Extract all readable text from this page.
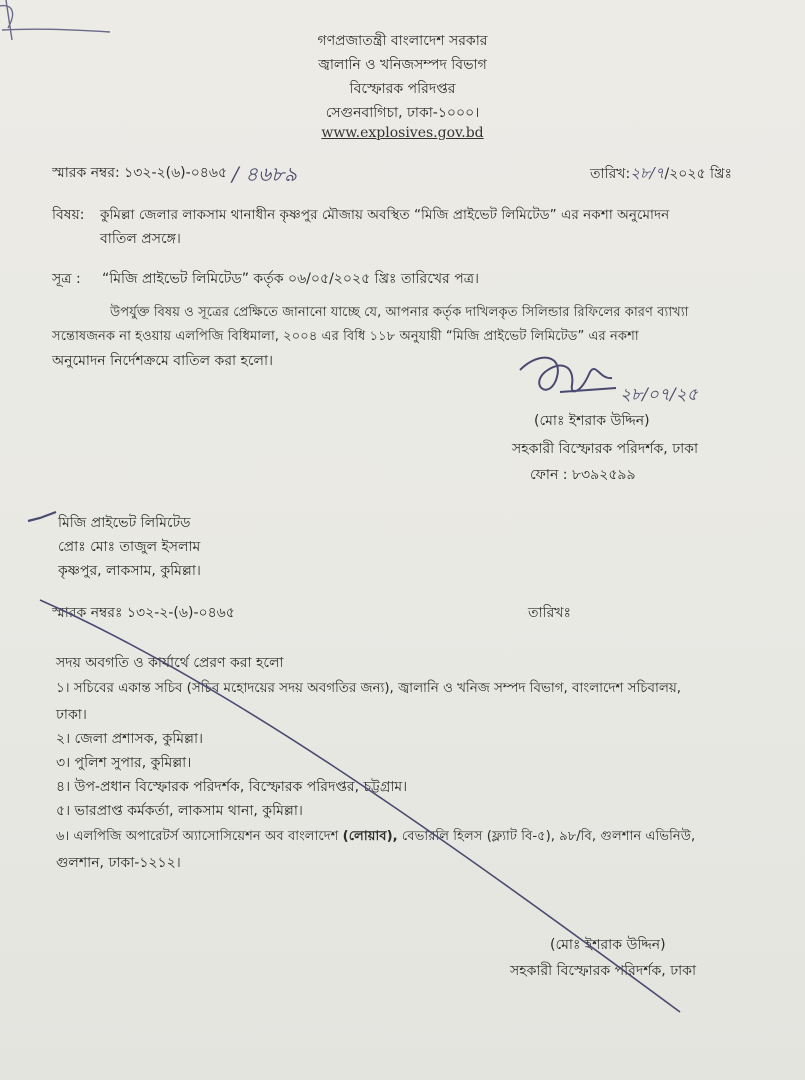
গণপ্রজাতন্ত্রী বাংলাদেশ সরকার
জ্বালানি ও খনিজসম্পদ বিভাগ
বিস্ফোরক পরিদপ্তর
সেগুনবাগিচা, ঢাকা-১০০০।
www.explosives.gov.bd
স্মারক নম্বর: ১৩২-২(৬)-০৪৬৫ / ৪৬৮৯	তারিখ:২৮/৭/২০২৫ খ্রিঃ
বিষয়: কুমিল্লা জেলার লাকসাম থানাধীন কৃষ্ণপুর মৌজায় অবস্থিত “মিজি প্রাইভেট লিমিটেড” এর নকশা অনুমোদন
বাতিল প্রসঙ্গে।
সূত্র : “মিজি প্রাইভেট লিমিটেড” কর্তৃক ০৬/০৫/২০২৫ খ্রিঃ তারিখের পত্র।
উপর্যুক্ত বিষয় ও সূত্রের প্রেক্ষিতে জানানো যাচ্ছে যে, আপনার কর্তৃক দাখিলকৃত সিলিন্ডার রিফিলের কারণ ব্যাখ্যা
সন্তোষজনক না হওয়ায় এলপিজি বিধিমালা, ২০০৪ এর বিধি ১১৮ অনুযায়ী “মিজি প্রাইভেট লিমিটেড” এর নকশা
অনুমোদন নির্দেশক্রমে বাতিল করা হলো।
২৮/০৭/২৫
(মোঃ ইশরাক উদ্দিন)
সহকারী বিস্ফোরক পরিদর্শক, ঢাকা
ফোন : ৮৩৯২৫৯৯
মিজি প্রাইভেট লিমিটেড
প্রোঃ মোঃ তাজুল ইসলাম
কৃষ্ণপুর, লাকসাম, কুমিল্লা।
স্মারক নম্বরঃ ১৩২-২-(৬)-০৪৬৫	তারিখঃ
সদয় অবগতি ও কার্যার্থে প্রেরণ করা হলো
১। সচিবের একান্ত সচিব (সচিব মহোদয়ের সদয় অবগতির জন্য), জ্বালানি ও খনিজ সম্পদ বিভাগ, বাংলাদেশ সচিবালয়,
ঢাকা।
২। জেলা প্রশাসক, কুমিল্লা।
৩। পুলিশ সুপার, কুমিল্লা।
৪। উপ-প্রধান বিস্ফোরক পরিদর্শক, বিস্ফোরক পরিদপ্তর, চট্টগ্রাম।
৫। ভারপ্রাপ্ত কর্মকর্তা, লাকসাম থানা, কুমিল্লা।
৬। এলপিজি অপারেটর্স অ্যাসোসিয়েশন অব বাংলাদেশ (লোয়াব), বেভারলি হিলস (ফ্ল্যাট বি-৫), ৯৮/বি, গুলশান এভিনিউ,
গুলশান, ঢাকা-১২১২।
(মোঃ ইশরাক উদ্দিন)
সহকারী বিস্ফোরক পরিদর্শক, ঢাকা
